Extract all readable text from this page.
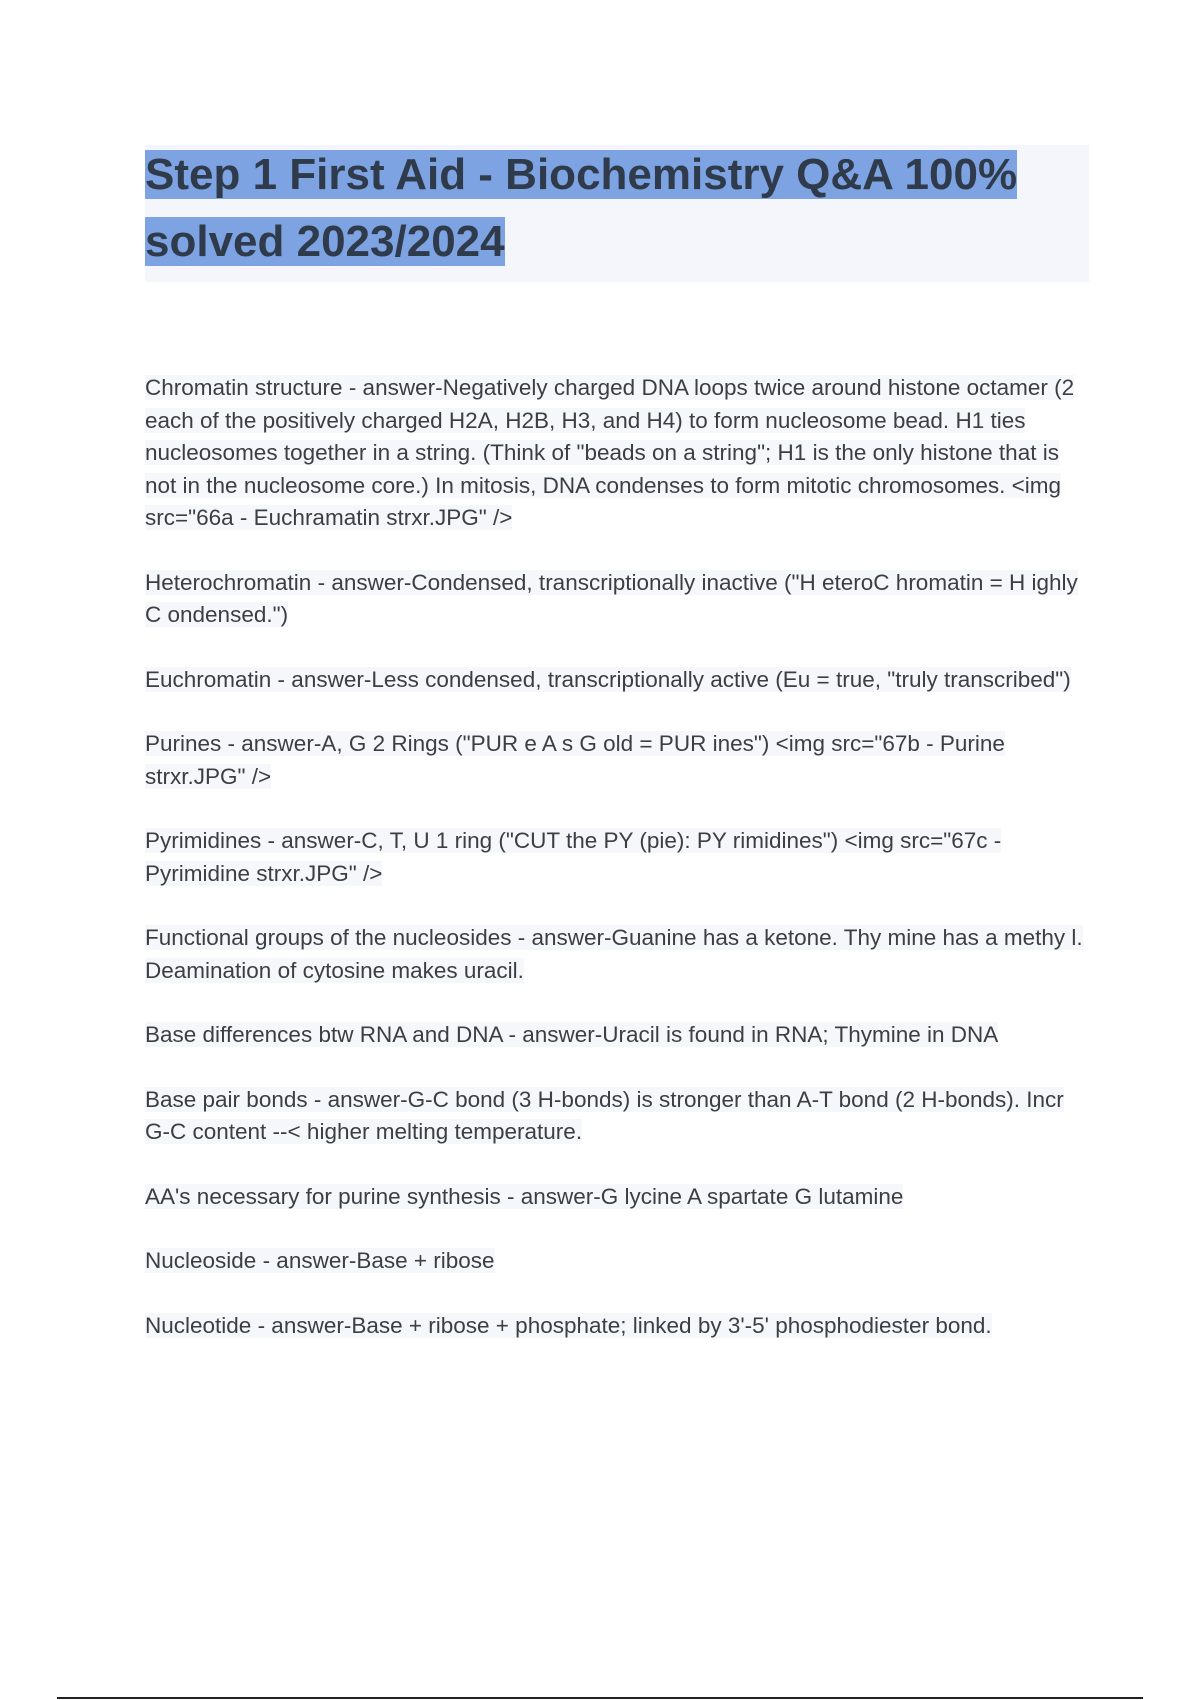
Step 1 First Aid - Biochemistry Q&A 100% solved 2023/2024

Chromatin structure - answer-Negatively charged DNA loops twice around histone octamer (2 each of the positively charged H2A, H2B, H3, and H4) to form nucleosome bead. H1 ties nucleosomes together in a string. (Think of "beads on a string"; H1 is the only histone that is not in the nucleosome core.) In mitosis, DNA condenses to form mitotic chromosomes. <img src="66a - Euchramatin strxr.JPG" />

Heterochromatin - answer-Condensed, transcriptionally inactive ("H eteroC hromatin = H ighly C ondensed.")

Euchromatin - answer-Less condensed, transcriptionally active (Eu = true, "truly transcribed")

Purines - answer-A, G 2 Rings ("PUR e A s G old = PUR ines") <img src="67b - Purine strxr.JPG" />

Pyrimidines - answer-C, T, U 1 ring ("CUT the PY (pie): PY rimidines") <img src="67c - Pyrimidine strxr.JPG" />

Functional groups of the nucleosides - answer-Guanine has a ketone. Thy mine has a methy l. Deamination of cytosine makes uracil.

Base differences btw RNA and DNA - answer-Uracil is found in RNA; Thymine in DNA

Base pair bonds - answer-G-C bond (3 H-bonds) is stronger than A-T bond (2 H-bonds). Incr G-C content --< higher melting temperature.

AA's necessary for purine synthesis - answer-G lycine A spartate G lutamine

Nucleoside - answer-Base + ribose

Nucleotide - answer-Base + ribose + phosphate; linked by 3'-5' phosphodiester bond.
